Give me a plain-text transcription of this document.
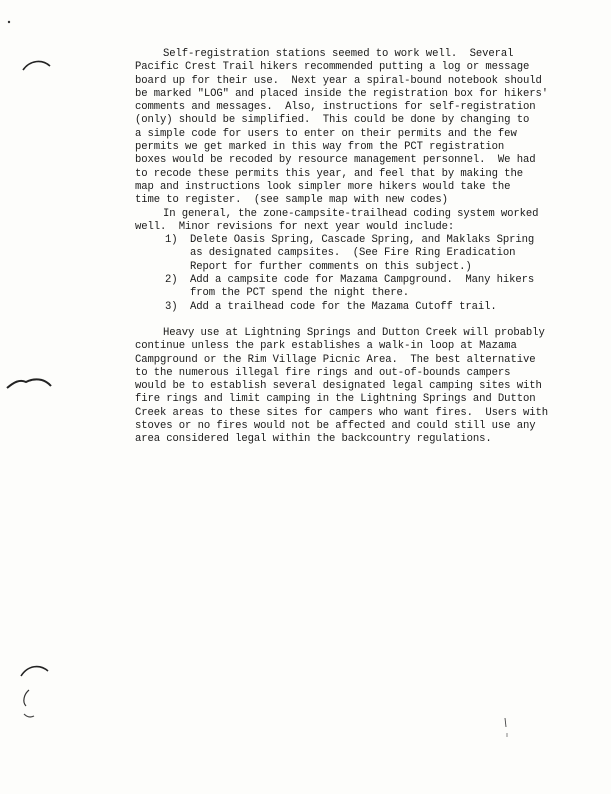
Self-registration stations seemed to work well.  Several
Pacific Crest Trail hikers recommended putting a log or message
board up for their use.  Next year a spiral-bound notebook should
be marked "LOG" and placed inside the registration box for hikers'
comments and messages.  Also, instructions for self-registration
(only) should be simplified.  This could be done by changing to
a simple code for users to enter on their permits and the few
permits we get marked in this way from the PCT registration
boxes would be recoded by resource management personnel.  We had
to recode these permits this year, and feel that by making the
map and instructions look simpler more hikers would take the
time to register.  (see sample map with new codes)
In general, the zone-campsite-trailhead coding system worked
well.  Minor revisions for next year would include:
1) Delete Oasis Spring, Cascade Spring, and Maklaks Spring
as designated campsites.  (See Fire Ring Eradication
Report for further comments on this subject.)
2) Add a campsite code for Mazama Campground.  Many hikers
from the PCT spend the night there.
3) Add a trailhead code for the Mazama Cutoff trail.
Heavy use at Lightning Springs and Dutton Creek will probably
continue unless the park establishes a walk-in loop at Mazama
Campground or the Rim Village Picnic Area.  The best alternative
to the numerous illegal fire rings and out-of-bounds campers
would be to establish several designated legal camping sites with
fire rings and limit camping in the Lightning Springs and Dutton
Creek areas to these sites for campers who want fires.  Users with
stoves or no fires would not be affected and could still use any
area considered legal within the backcountry regulations.
